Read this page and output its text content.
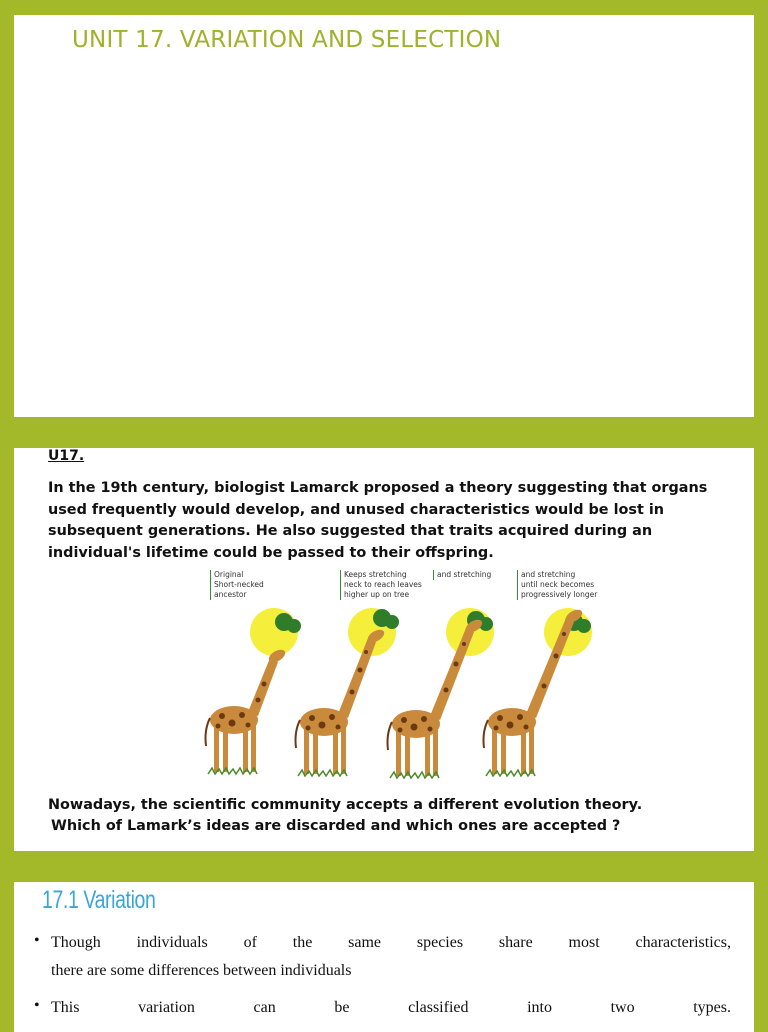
UNIT 17. VARIATION AND SELECTION
U17.
In the 19th century, biologist Lamarck proposed a theory suggesting that organs
used frequently would develop, and unused characteristics would be lost in
subsequent generations. He also suggested that traits acquired during an
individual's lifetime could be passed to their offspring.
Original
Short-necked
ancestor
Keeps stretching
neck to reach leaves
higher up on tree
and stretching	and stretching
until neck becomes
progressively longer
Nowadays, the scientific community accepts a different evolution theory.
Which of Lamark’s ideas are discarded and which ones are accepted ?
17.1 Variation
• Though individuals of the same species share most characteristics,
there are some differences between individuals
• This	variation	can	be	classified	into	two	types.
